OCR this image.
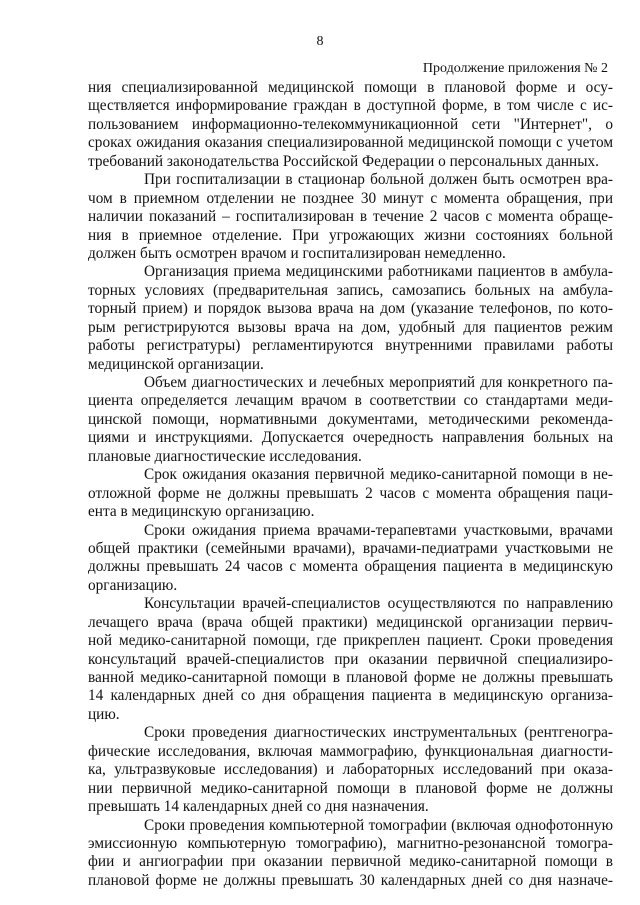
8
Продолжение приложения № 2
ния специализированной медицинской помощи в плановой форме и осу-
ществляется информирование граждан в доступной форме, в том числе с ис-
пользованием информационно-телекоммуникационной сети "Интернет", о
сроках ожидания оказания специализированной медицинской помощи с учетом
требований законодательства Российской Федерации о персональных данных.
При госпитализации в стационар больной должен быть осмотрен вра-
чом в приемном отделении не позднее 30 минут с момента обращения, при
наличии показаний – госпитализирован в течение 2 часов с момента обраще-
ния в приемное отделение. При угрожающих жизни состояниях больной
должен быть осмотрен врачом и госпитализирован немедленно.
Организация приема медицинскими работниками пациентов в амбула-
торных условиях (предварительная запись, самозапись больных на амбула-
торный прием) и порядок вызова врача на дом (указание телефонов, по кото-
рым регистрируются вызовы врача на дом, удобный для пациентов режим
работы регистратуры) регламентируются внутренними правилами работы
медицинской организации.
Объем диагностических и лечебных мероприятий для конкретного па-
циента определяется лечащим врачом в соответствии со стандартами меди-
цинской помощи, нормативными документами, методическими рекоменда-
циями и инструкциями. Допускается очередность направления больных на
плановые диагностические исследования.
Срок ожидания оказания первичной медико-санитарной помощи в не-
отложной форме не должны превышать 2 часов с момента обращения паци-
ента в медицинскую организацию.
Сроки ожидания приема врачами-терапевтами участковыми, врачами
общей практики (семейными врачами), врачами-педиатрами участковыми не
должны превышать 24 часов с момента обращения пациента в медицинскую
организацию.
Консультации врачей-специалистов осуществляются по направлению
лечащего врача (врача общей практики) медицинской организации первич-
ной медико-санитарной помощи, где прикреплен пациент. Сроки проведения
консультаций врачей-специалистов при оказании первичной специализиро-
ванной медико-санитарной помощи в плановой форме не должны превышать
14 календарных дней со дня обращения пациента в медицинскую организа-
цию.
Сроки проведения диагностических инструментальных (рентгеногра-
фические исследования, включая маммографию, функциональная диагности-
ка, ультразвуковые исследования) и лабораторных исследований при оказа-
нии первичной медико-санитарной помощи в плановой форме не должны
превышать 14 календарных дней со дня назначения.
Сроки проведения компьютерной томографии (включая однофотонную
эмиссионную компьютерную томографию), магнитно-резонансной томогра-
фии и ангиографии при оказании первичной медико-санитарной помощи в
плановой форме не должны превышать 30 календарных дней со дня назначе-
